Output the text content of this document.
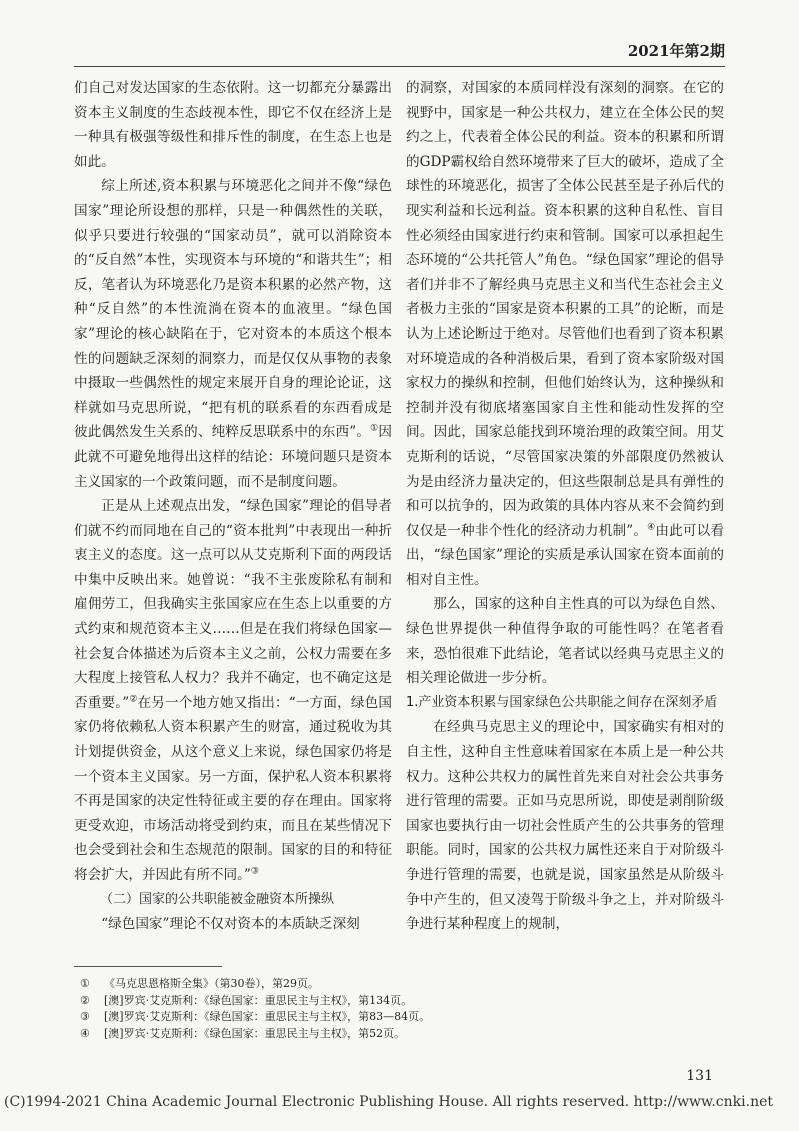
2021年第2期

们自己对发达国家的生态依附。这一切都充分暴露出资本主义制度的生态歧视本性，即它不仅在经济上是一种具有极强等级性和排斥性的制度，在生态上也是如此。

综上所述,资本积累与环境恶化之间并不像“绿色国家”理论所设想的那样，只是一种偶然性的关联，似乎只要进行较强的“国家动员”，就可以消除资本的“反自然”本性，实现资本与环境的“和谐共生”；相反，笔者认为环境恶化乃是资本积累的必然产物，这种“反自然”的本性流淌在资本的血液里。“绿色国家”理论的核心缺陷在于，它对资本的本质这个根本性的问题缺乏深刻的洞察力，而是仅仅从事物的表象中摄取一些偶然性的规定来展开自身的理论论证，这样就如马克思所说，“把有机的联系看的东西看成是彼此偶然发生关系的、纯粹反思联系中的东西”。①因此就不可避免地得出这样的结论：环境问题只是资本主义国家的一个政策问题，而不是制度问题。

正是从上述观点出发，“绿色国家”理论的倡导者们就不约而同地在自己的“资本批判”中表现出一种折衷主义的态度。这一点可以从艾克斯利下面的两段话中集中反映出来。她曾说：“我不主张废除私有制和雇佣劳工，但我确实主张国家应在生态上以重要的方式约束和规范资本主义……但是在我们将绿色国家—社会复合体描述为后资本主义之前，公权力需要在多大程度上接管私人权力？我并不确定，也不确定这是否重要。”②在另一个地方她又指出：“一方面，绿色国家仍将依赖私人资本积累产生的财富，通过税收为其计划提供资金，从这个意义上来说，绿色国家仍将是一个资本主义国家。另一方面，保护私人资本积累将不再是国家的决定性特征或主要的存在理由。国家将更受欢迎，市场活动将受到约束，而且在某些情况下也会受到社会和生态规范的限制。国家的目的和特征将会扩大，并因此有所不同。”③

（二）国家的公共职能被金融资本所操纵

“绿色国家”理论不仅对资本的本质缺乏深刻

的洞察，对国家的本质同样没有深刻的洞察。在它的视野中，国家是一种公共权力，建立在全体公民的契约之上，代表着全体公民的利益。资本的积累和所谓的GDP霸权给自然环境带来了巨大的破坏，造成了全球性的环境恶化，损害了全体公民甚至是子孙后代的现实利益和长远利益。资本积累的这种自私性、盲目性必须经由国家进行约束和管制。国家可以承担起生态环境的“公共托管人”角色。“绿色国家”理论的倡导者们并非不了解经典马克思主义和当代生态社会主义者极力主张的“国家是资本积累的工具”的论断，而是认为上述论断过于绝对。尽管他们也看到了资本积累对环境造成的各种消极后果，看到了资本家阶级对国家权力的操纵和控制，但他们始终认为，这种操纵和控制并没有彻底堵塞国家自主性和能动性发挥的空间。因此，国家总能找到环境治理的政策空间。用艾克斯利的话说，“尽管国家决策的外部限度仍然被认为是由经济力量决定的，但这些限制总是具有弹性的和可以抗争的，因为政策的具体内容从来不会简约到仅仅是一种非个性化的经济动力机制”。④由此可以看出，“绿色国家”理论的实质是承认国家在资本面前的相对自主性。

那么，国家的这种自主性真的可以为绿色自然、绿色世界提供一种值得争取的可能性吗？在笔者看来，恐怕很难下此结论，笔者试以经典马克思主义的相关理论做进一步分析。

1.产业资本积累与国家绿色公共职能之间存在深刻矛盾

在经典马克思主义的理论中，国家确实有相对的自主性，这种自主性意味着国家在本质上是一种公共权力。这种公共权力的属性首先来自对社会公共事务进行管理的需要。正如马克思所说，即使是剥削阶级国家也要执行由一切社会性质产生的公共事务的管理职能。同时，国家的公共权力属性还来自于对阶级斗争进行管理的需要，也就是说，国家虽然是从阶级斗争中产生的，但又凌驾于阶级斗争之上，并对阶级斗争进行某种程度上的规制，

① 《马克思恩格斯全集》（第30卷），第29页。
② [澳]罗宾·艾克斯利：《绿色国家：重思民主与主权》，第134页。
③ [澳]罗宾·艾克斯利：《绿色国家：重思民主与主权》，第83—84页。
④ [澳]罗宾·艾克斯利：《绿色国家：重思民主与主权》，第52页。
131
(C)1994-2021 China Academic Journal Electronic Publishing House. All rights reserved. http://www.cnki.net
